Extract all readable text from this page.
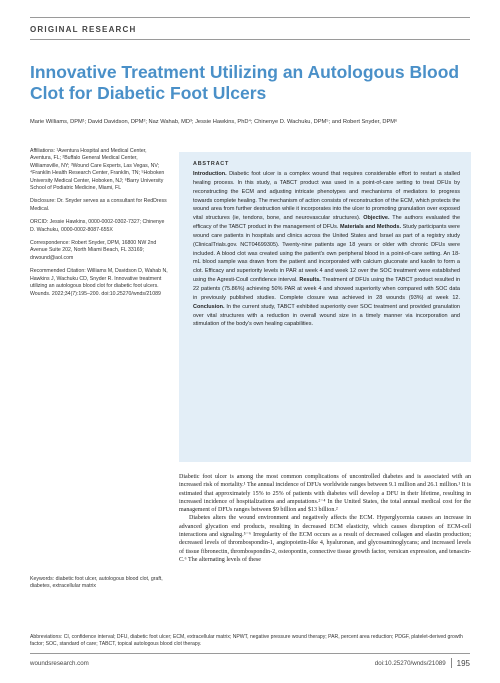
ORIGINAL RESEARCH
Innovative Treatment Utilizing an Autologous Blood Clot for Diabetic Foot Ulcers
Marie Williams, DPM¹; David Davidson, DPM²; Naz Wahab, MD³; Jessie Hawkins, PhD⁴; Chinenye D. Wachuku, DPM⁵; and Robert Snyder, DPM⁶

Affiliations: ¹Aventura Hospital and Medical Center, Aventura, FL; ²Buffalo General Medical Center, Williamsville, NY; ³Wound Care Experts, Las Vegas, NV; ⁴Franklin Health Research Center, Franklin, TN; ⁵Hoboken University Medical Center, Hoboken, NJ; ⁶Barry University School of Podiatric Medicine, Miami, FL

Disclosure: Dr. Snyder serves as a consultant for RedDress Medical.

ORCID: Jessie Hawkins, 0000-0002-0302-7327; Chinenye D. Wachuku, 0000-0002-8087-655X

Correspondence: Robert Snyder, DPM, 16800 NW 2nd Avenue Suite 202, North Miami Beach, FL 33169; drwound@aol.com

Recommended Citation: Williams M, Davidson D, Wahab N, Hawkins J, Wachuku CD, Snyder R. Innovative treatment utilizing an autologous blood clot for diabetic foot ulcers. Wounds. 2022;34(7):195–200. doi:10.25270/wnds/21089

Keywords: diabetic foot ulcer, autologous blood clot, graft, diabetes, extracellular matrix
ABSTRACT
Introduction. Diabetic foot ulcer is a complex wound that requires considerable effort to restart a stalled healing process. In this study, a TABCT product was used in a point-of-care setting to treat DFUs by reconstructing the ECM and adjusting intricate phenotypes and mechanisms of mediators to progress towards complete healing. The mechanism of action consists of reconstruction of the ECM, which protects the wound area from further destruction while it incorporates into the ulcer to promoting granulation over exposed vital structures (ie, tendons, bone, and neurovascular structures). Objective. The authors evaluated the efficacy of the TABCT product in the management of DFUs. Materials and Methods. Study participants were wound care patients in hospitals and clinics across the United States and Israel as part of a registry study (ClinicalTrials.gov. NCT04699305). Twenty-nine patients age 18 years or older with chronic DFUs were included. A blood clot was created using the patient's own peripheral blood in a point-of-care setting. An 18-mL blood sample was drawn from the patient and incorporated with calcium gluconate and kaolin to form a clot. Efficacy and superiority levels in PAR at week 4 and week 12 over the SOC treatment were established using the Agresti-Coull confidence interval. Results. Treatment of DFUs using the TABCT product resulted in 22 patients (75.86%) achieving 50% PAR at week 4 and showed superiority when compared with SOC data in previously published studies. Complete closure was achieved in 28 wounds (93%) at week 12. Conclusion. In the current study, TABCT exhibited superiority over SOC treatment and provided granulation over vital structures with a reduction in overall wound size in a timely manner via incorporation and stimulation of the body's own healing capabilities.

Diabetic foot ulcer is among the most common complications of uncontrolled diabetes and is associated with an increased risk of mortality.¹ The annual incidence of DFUs worldwide ranges between 9.1 million and 26.1 million.¹ It is estimated that approximately 15% to 25% of patients with diabetes will develop a DFU in their lifetime, resulting in increased incidence of hospitalizations and amputations.²⁻⁴ In the United States, the total annual medical cost for the management of DFUs ranges between $9 billion and $13 billion.²

Diabetes alters the wound environment and negatively affects the ECM. Hyperglycemia causes an increase in advanced glycation end products, resulting in decreased ECM elasticity, which causes disruption of ECM-cell interactions and signaling.⁵⁻⁶ Irregularity of the ECM occurs as a result of decreased collagen and elastin production; decreased levels of thrombospondin-1, angiopoietin-like 4, hyaluronan, and glycosaminoglycans; and increased levels of tissue fibronectin, thrombospondin-2, osteopontin, connective tissue growth factor, versican expression, and tenascin-C.⁶ The alternating levels of these

Abbreviations: CI, confidence interval; DFU, diabetic foot ulcer; ECM, extracellular matrix; NPWT, negative pressure wound therapy; PAR, percent area reduction; PDGF, platelet-derived growth factor; SOC, standard of care; TABCT, topical autologous blood clot therapy.
woundsresearch.com	doi:10.25270/wnds/21089 195
